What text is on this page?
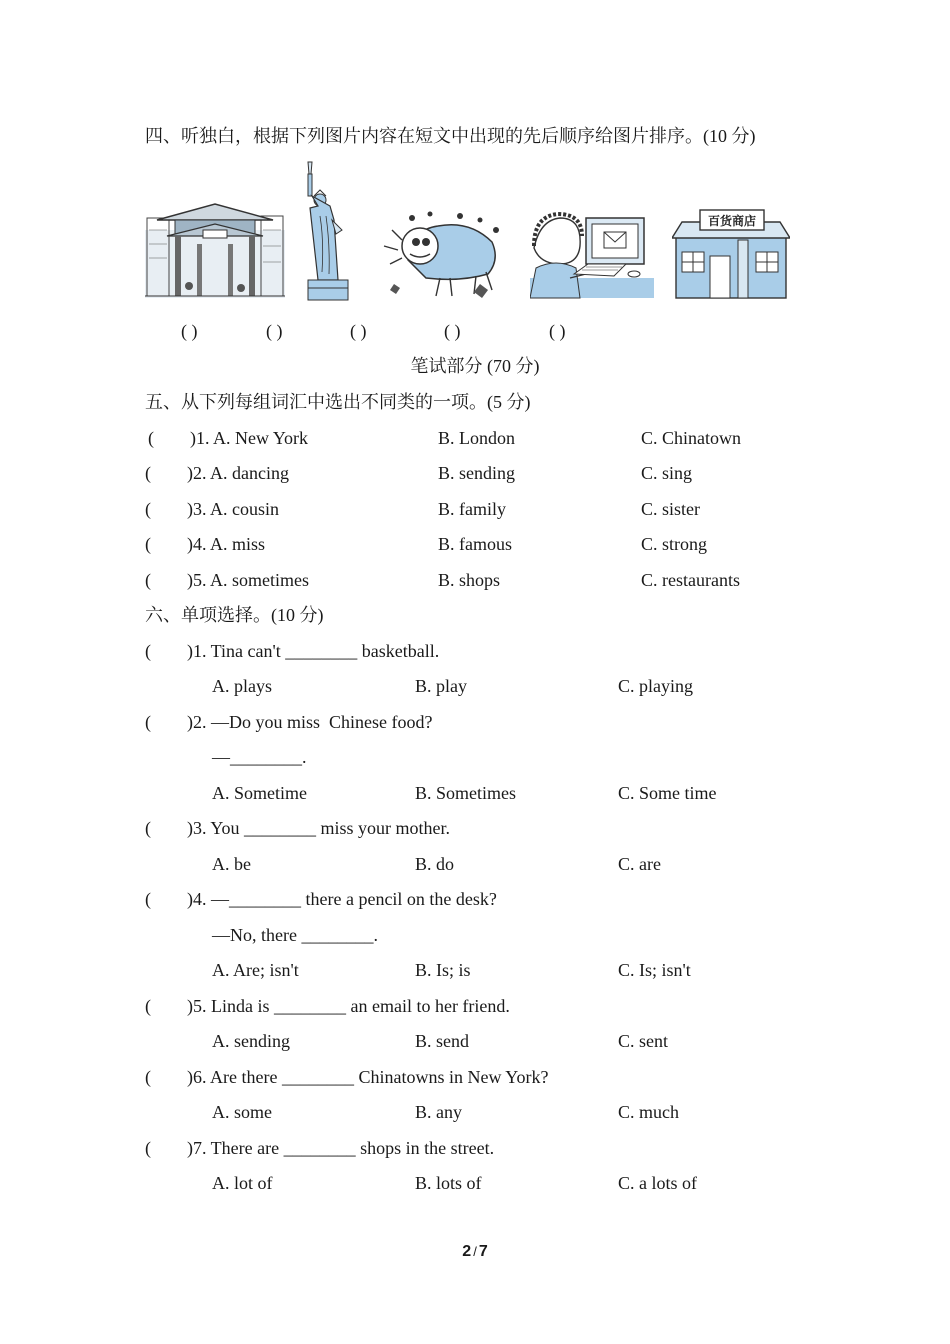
四、听独白，根据下列图片内容在短文中出现的先后顺序给图片排序。(10 分)
百货商店
( )	( )	( )	( )	( )
笔试部分 (70 分)
五、从下列每组词汇中选出不同类的一项。(5 分)
(        )1. A. New York	B. London	C. Chinatown
(        )2. A. dancing	B. sending	C. sing
(        )3. A. cousin	B. family	C. sister
(        )4. A. miss	B. famous	C. strong
(        )5. A. sometimes	B. shops	C. restaurants
六、单项选择。(10 分)
(        )1. Tina can't ________ basketball.
A. plays	B. play	C. playing
(        )2. —Do you miss  Chinese food?
—________.
A. Sometime	B. Sometimes	C. Some time
(        )3. You ________ miss your mother.
A. be	B. do	C. are
(        )4. —________ there a pencil on the desk?
—No, there ________.
A. Are; isn't	B. Is; is	C. Is; isn't
(        )5. Linda is ________ an email to her friend.
A. sending	B. send	C. sent
(        )6. Are there ________ Chinatowns in New York?
A. some	B. any	C. much
(        )7. There are ________ shops in the street.
A. lot of	B. lots of	C. a lots of
2 / 7
